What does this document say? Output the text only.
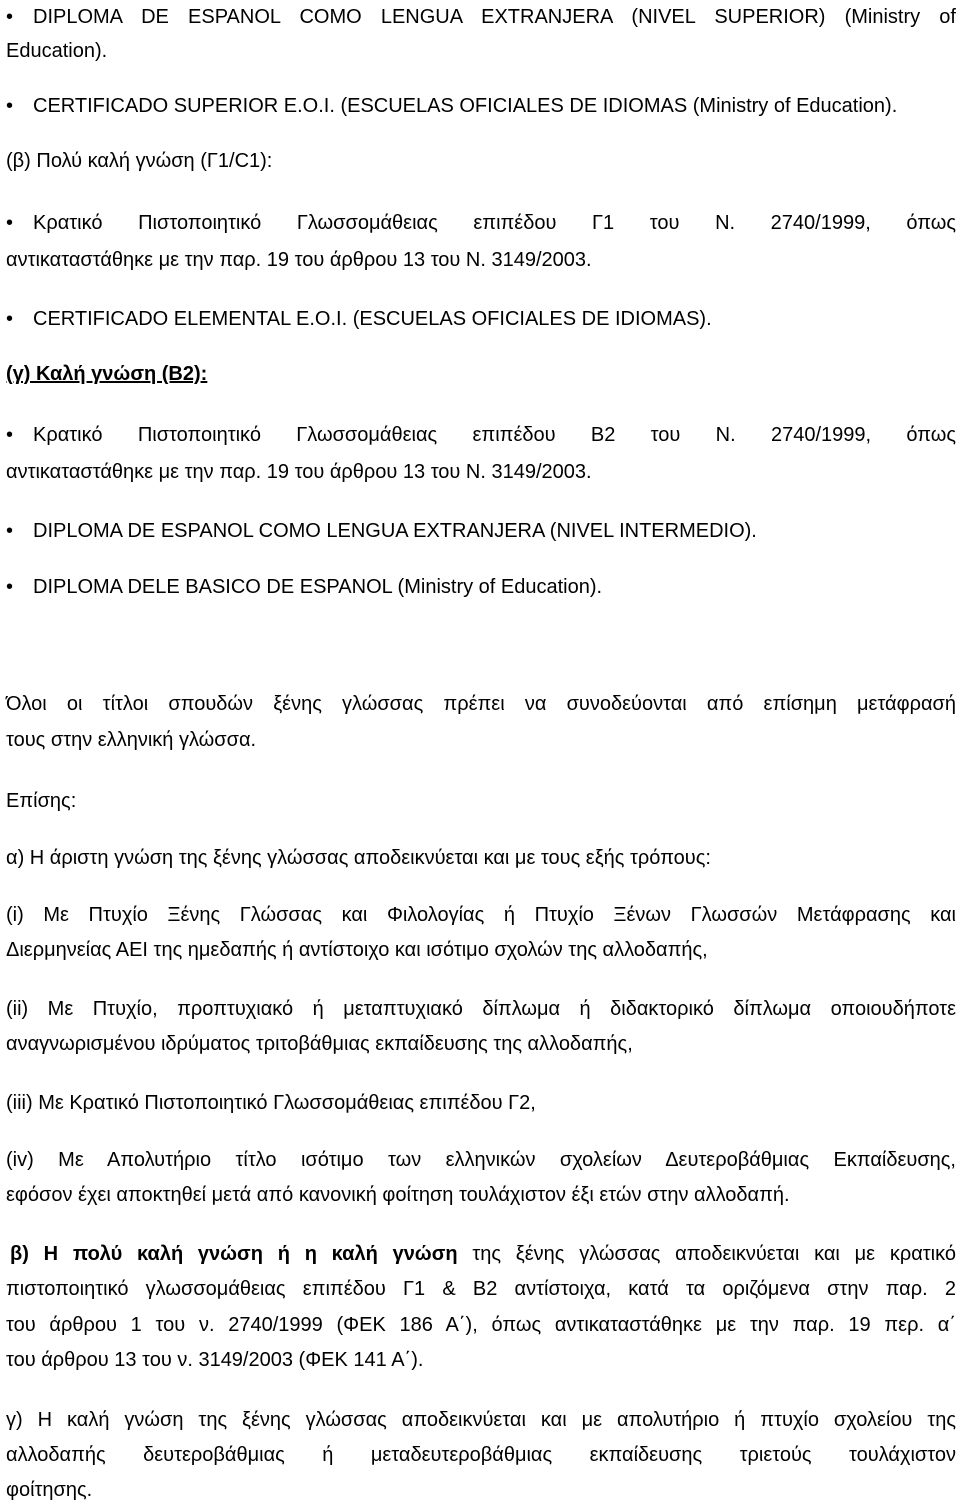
• DIPLOMA DE ESPANOL COMO LENGUA EXTRANJERA (NIVEL SUPERIOR) (Ministry of

Education).

• CERTIFICADO SUPERIOR E.O.I. (ESCUELAS OFICIALES DE IDIOMAS (Ministry of Education).

(β) Πολύ καλή γνώση (Γ1/C1):

• Κρατικό Πιστοποιητικό Γλωσσομάθειας επιπέδου Γ1 του Ν. 2740/1999, όπως

αντικαταστάθηκε με την παρ. 19 του άρθρου 13 του Ν. 3149/2003.

• CERTIFICADO ELEMENTAL E.O.I. (ESCUELAS OFICIALES DE IDIOMAS).

(γ) Καλή γνώση (Β2):

• Κρατικό Πιστοποιητικό Γλωσσομάθειας επιπέδου Β2 του Ν. 2740/1999, όπως

αντικαταστάθηκε με την παρ. 19 του άρθρου 13 του Ν. 3149/2003.

• DIPLOMA DE ESPANOL COMO LENGUA EXTRANJERA (NIVEL INTERMEDIO).

• DIPLOMA DELE BASICO DE ESPANOL (Ministry of Education).

Όλοι οι τίτλοι σπουδών ξένης γλώσσας πρέπει να συνοδεύονται από επίσημη μετάφρασή

τους στην ελληνική γλώσσα.

Επίσης:

α) Η άριστη γνώση της ξένης γλώσσας αποδεικνύεται και με τους εξής τρόπους:

(i) Με Πτυχίο Ξένης Γλώσσας και Φιλολογίας ή Πτυχίο Ξένων Γλωσσών Μετάφρασης και

Διερμηνείας ΑΕΙ της ημεδαπής ή αντίστοιχο και ισότιμο σχολών της αλλοδαπής,

(ii) Με Πτυχίο, προπτυχιακό ή μεταπτυχιακό δίπλωμα ή διδακτορικό δίπλωμα οποιουδήποτε

αναγνωρισμένου ιδρύματος τριτοβάθμιας εκπαίδευσης της αλλοδαπής,

(iii) Με Κρατικό Πιστοποιητικό Γλωσσομάθειας επιπέδου Γ2,

(iv) Με Απολυτήριο τίτλο ισότιμο των ελληνικών σχολείων Δευτεροβάθμιας Εκπαίδευσης,

εφόσον έχει αποκτηθεί μετά από κανονική φοίτηση τουλάχιστον έξι ετών στην αλλοδαπή.

β) Η πολύ καλή γνώση ή η καλή γνώση της ξένης γλώσσας αποδεικνύεται και με κρατικό

πιστοποιητικό γλωσσομάθειας επιπέδου Γ1 & Β2 αντίστοιχα, κατά τα οριζόμενα στην παρ. 2

του άρθρου 1 του ν. 2740/1999 (ΦΕΚ 186 Α΄), όπως αντικαταστάθηκε με την παρ. 19 περ. α΄

του άρθρου 13 του ν. 3149/2003 (ΦΕΚ 141 Α΄).

γ) Η καλή γνώση της ξένης γλώσσας αποδεικνύεται και με απολυτήριο ή πτυχίο σχολείου της

αλλοδαπής δευτεροβάθμιας ή μεταδευτεροβάθμιας εκπαίδευσης τριετούς τουλάχιστον

φοίτησης.
